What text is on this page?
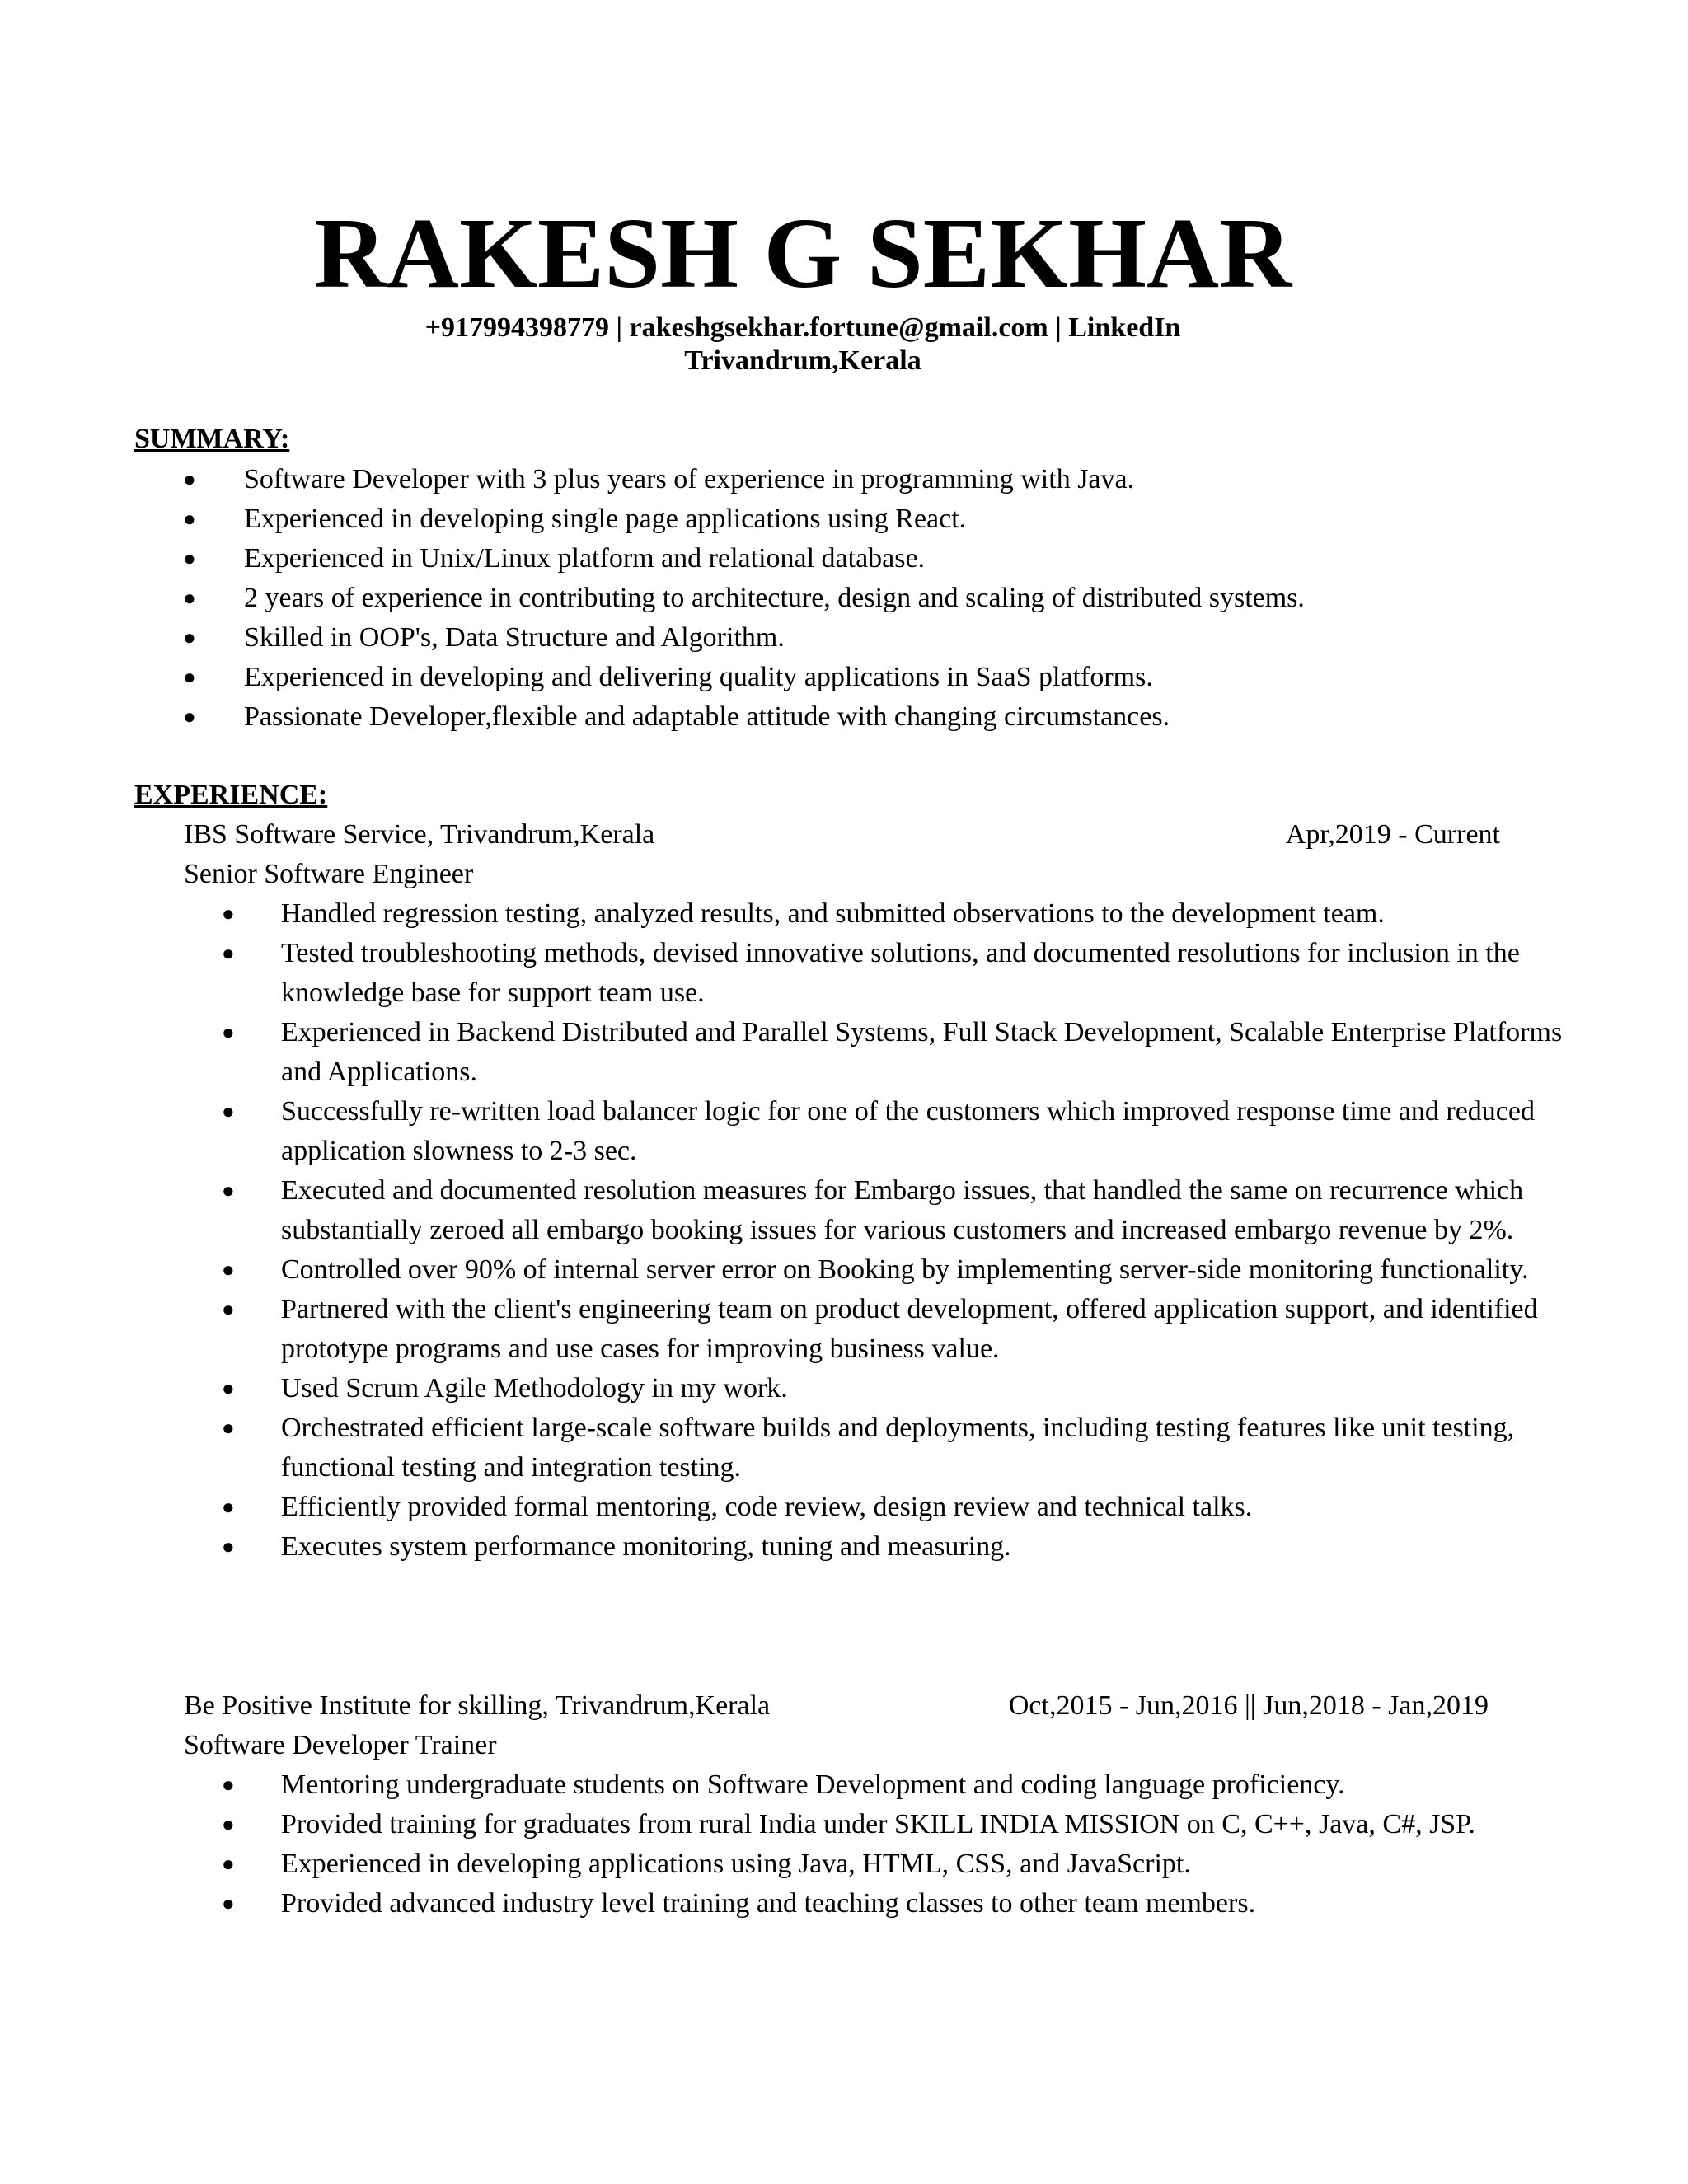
RAKESH G SEKHAR
+917994398779 | rakeshgsekhar.fortune@gmail.com | LinkedIn
Trivandrum,Kerala
SUMMARY:
● Software Developer with 3 plus years of experience in programming with Java.
● Experienced in developing single page applications using React.
● Experienced in Unix/Linux platform and relational database.
● 2 years of experience in contributing to architecture, design and scaling of distributed systems.
● Skilled in OOP's, Data Structure and Algorithm.
● Experienced in developing and delivering quality applications in SaaS platforms.
● Passionate Developer,flexible and adaptable attitude with changing circumstances.
EXPERIENCE:
IBS Software Service, Trivandrum,Kerala	Apr,2019 - Current
Senior Software Engineer
● Handled regression testing, analyzed results, and submitted observations to the development team.
● Tested troubleshooting methods, devised innovative solutions, and documented resolutions for inclusion in the knowledge base for support team use.
● Experienced in Backend Distributed and Parallel Systems, Full Stack Development, Scalable Enterprise Platforms and Applications.
● Successfully re-written load balancer logic for one of the customers which improved response time and reduced application slowness to 2-3 sec.
● Executed and documented resolution measures for Embargo issues, that handled the same on recurrence which substantially zeroed all embargo booking issues for various customers and increased embargo revenue by 2%.
● Controlled over 90% of internal server error on Booking by implementing server-side monitoring functionality.
● Partnered with the client's engineering team on product development, offered application support, and identified prototype programs and use cases for improving business value.
● Used Scrum Agile Methodology in my work.
● Orchestrated efficient large-scale software builds and deployments, including testing features like unit testing, functional testing and integration testing.
● Efficiently provided formal mentoring, code review, design review and technical talks.
● Executes system performance monitoring, tuning and measuring.
Be Positive Institute for skilling, Trivandrum,Kerala	Oct,2015 - Jun,2016 || Jun,2018 - Jan,2019
Software Developer Trainer
● Mentoring undergraduate students on Software Development and coding language proficiency.
● Provided training for graduates from rural India under SKILL INDIA MISSION on C, C++, Java, C#, JSP.
● Experienced in developing applications using Java, HTML, CSS, and JavaScript.
● Provided advanced industry level training and teaching classes to other team members.
